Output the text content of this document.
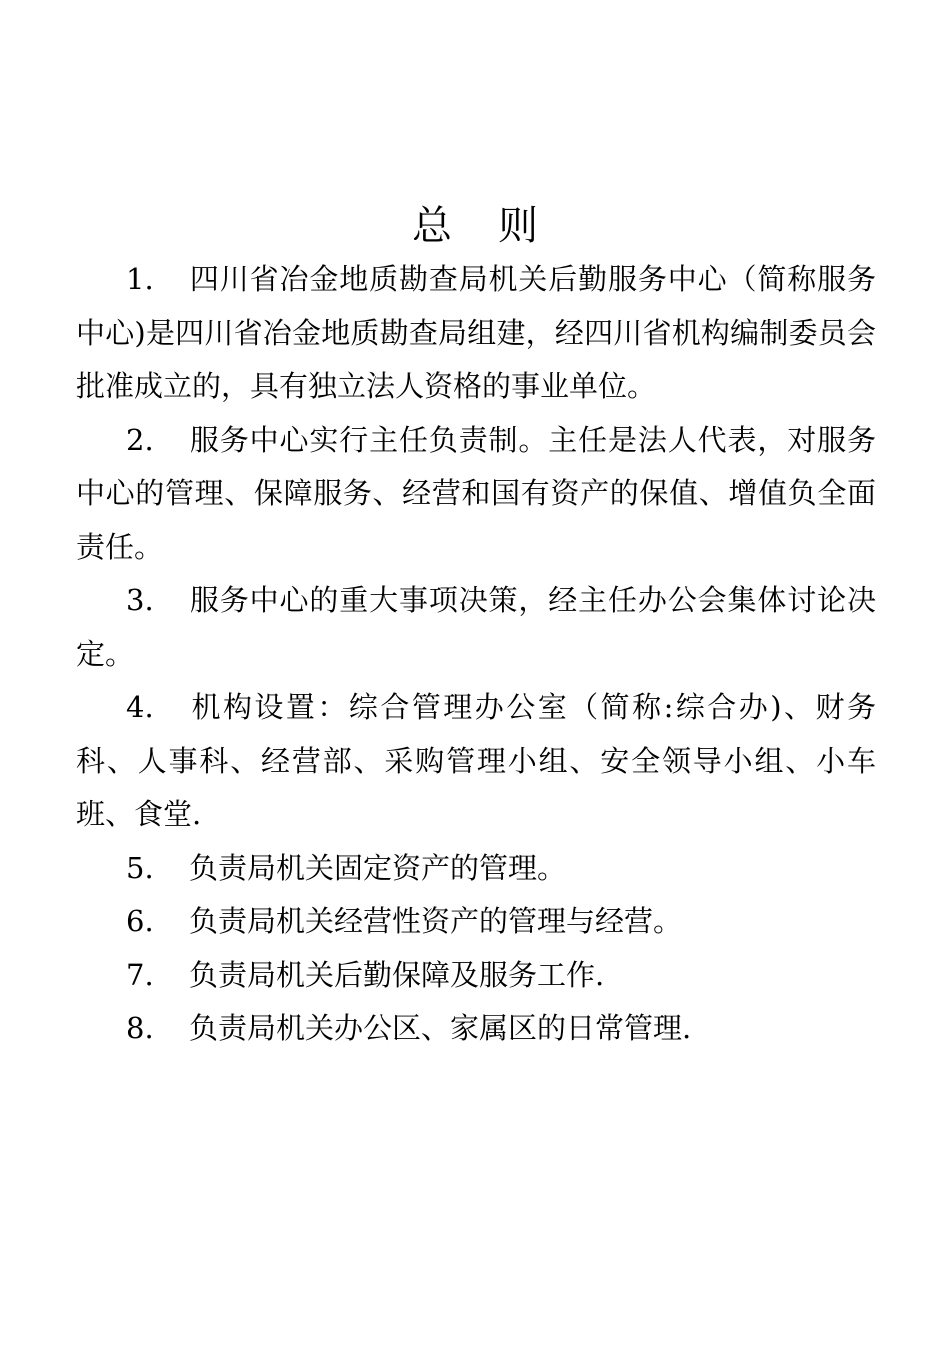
总 则

1. 四川省冶金地质勘查局机关后勤服务中心（简称服务中心)是四川省冶金地质勘查局组建，经四川省机构编制委员会批准成立的，具有独立法人资格的事业单位。

2. 服务中心实行主任负责制。主任是法人代表，对服务中心的管理、保障服务、经营和国有资产的保值、增值负全面责任。

3. 服务中心的重大事项决策，经主任办公会集体讨论决定。

4. 机构设置：综合管理办公室（简称:综合办)、财务科、人事科、经营部、采购管理小组、安全领导小组、小车班、食堂.

5. 负责局机关固定资产的管理。

6. 负责局机关经营性资产的管理与经营。

7. 负责局机关后勤保障及服务工作.

8. 负责局机关办公区、家属区的日常管理.
